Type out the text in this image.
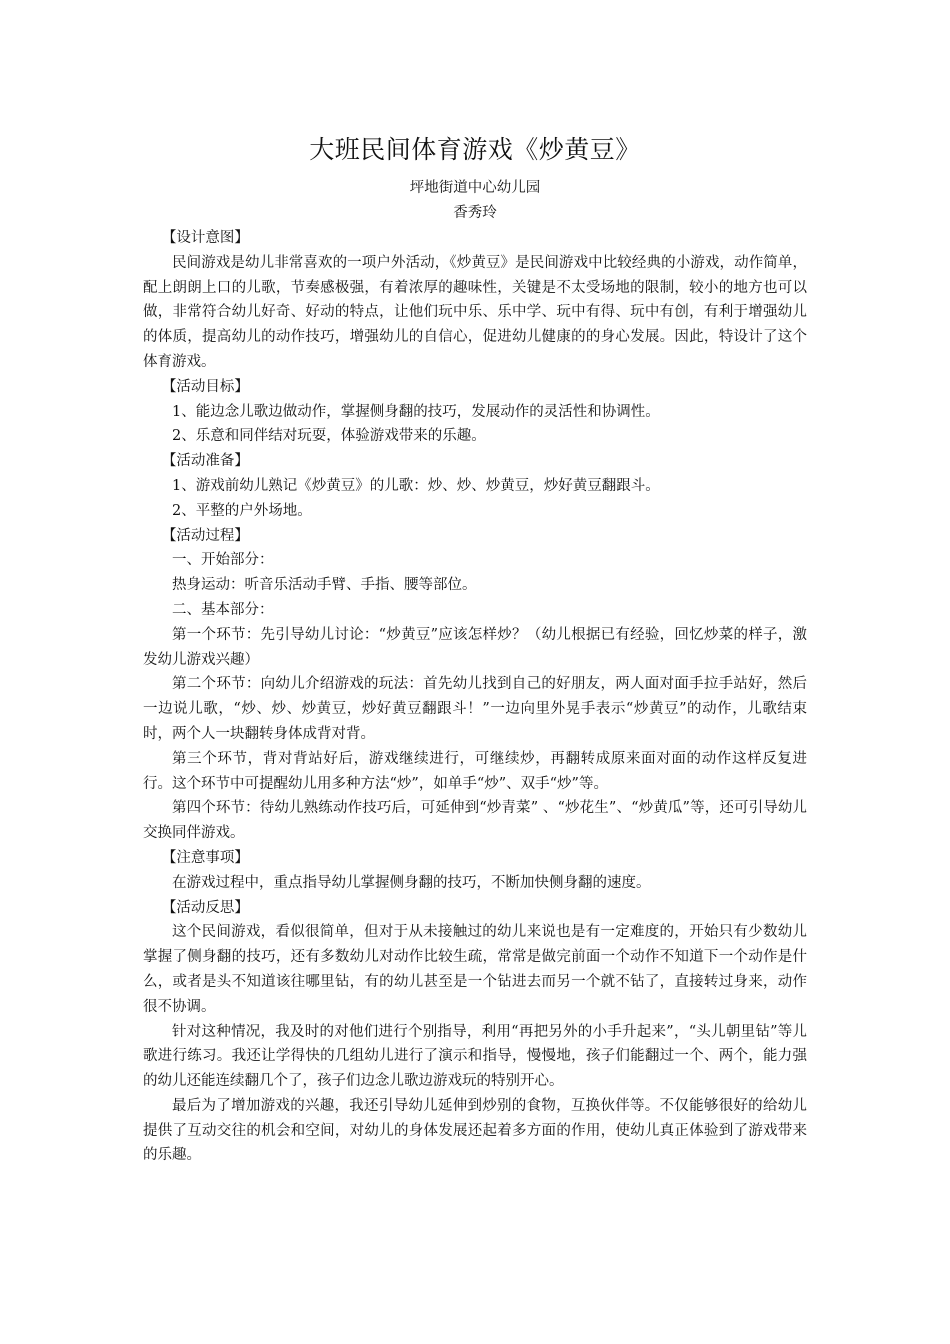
大班民间体育游戏《炒黄豆》
坪地街道中心幼儿园
香秀玲

【设计意图】

民间游戏是幼儿非常喜欢的一项户外活动，《炒黄豆》是民间游戏中比较经典的小游戏，动作简单，配上朗朗上口的儿歌，节奏感极强，有着浓厚的趣味性，关键是不太受场地的限制，较小的地方也可以做，非常符合幼儿好奇、好动的特点，让他们玩中乐、乐中学、玩中有得、玩中有创，有利于增强幼儿的体质，提高幼儿的动作技巧，增强幼儿的自信心，促进幼儿健康的的身心发展。因此，特设计了这个体育游戏。

【活动目标】

1、能边念儿歌边做动作，掌握侧身翻的技巧，发展动作的灵活性和协调性。

2、乐意和同伴结对玩耍，体验游戏带来的乐趣。

【活动准备】

1、游戏前幼儿熟记《炒黄豆》的儿歌：炒、炒、炒黄豆，炒好黄豆翻跟斗。

2、平整的户外场地。

【活动过程】

一、开始部分：

热身运动：听音乐活动手臂、手指、腰等部位。

二、基本部分：

第一个环节：先引导幼儿讨论：“炒黄豆”应该怎样炒？（幼儿根据已有经验，回忆炒菜的样子，激发幼儿游戏兴趣）

第二个环节：向幼儿介绍游戏的玩法：首先幼儿找到自己的好朋友，两人面对面手拉手站好，然后一边说儿歌，“炒、炒、炒黄豆，炒好黄豆翻跟斗！”一边向里外晃手表示“炒黄豆”的动作，儿歌结束时，两个人一块翻转身体成背对背。

第三个环节，背对背站好后，游戏继续进行，可继续炒，再翻转成原来面对面的动作这样反复进行。这个环节中可提醒幼儿用多种方法“炒”，如单手“炒”、双手“炒”等。

第四个环节：待幼儿熟练动作技巧后，可延伸到“炒青菜” 、“炒花生”、“炒黄瓜”等，还可引导幼儿交换同伴游戏。

【注意事项】

在游戏过程中，重点指导幼儿掌握侧身翻的技巧，不断加快侧身翻的速度。

【活动反思】

这个民间游戏，看似很简单，但对于从未接触过的幼儿来说也是有一定难度的，开始只有少数幼儿掌握了侧身翻的技巧，还有多数幼儿对动作比较生疏，常常是做完前面一个动作不知道下一个动作是什么，或者是头不知道该往哪里钻，有的幼儿甚至是一个钻进去而另一个就不钻了，直接转过身来，动作很不协调。

针对这种情况，我及时的对他们进行个别指导，利用“再把另外的小手升起来”，“头儿朝里钻”等儿歌进行练习。我还让学得快的几组幼儿进行了演示和指导，慢慢地，孩子们能翻过一个、两个，能力强的幼儿还能连续翻几个了，孩子们边念儿歌边游戏玩的特别开心。

最后为了增加游戏的兴趣，我还引导幼儿延伸到炒别的食物，互换伙伴等。不仅能够很好的给幼儿提供了互动交往的机会和空间，对幼儿的身体发展还起着多方面的作用，使幼儿真正体验到了游戏带来的乐趣。
